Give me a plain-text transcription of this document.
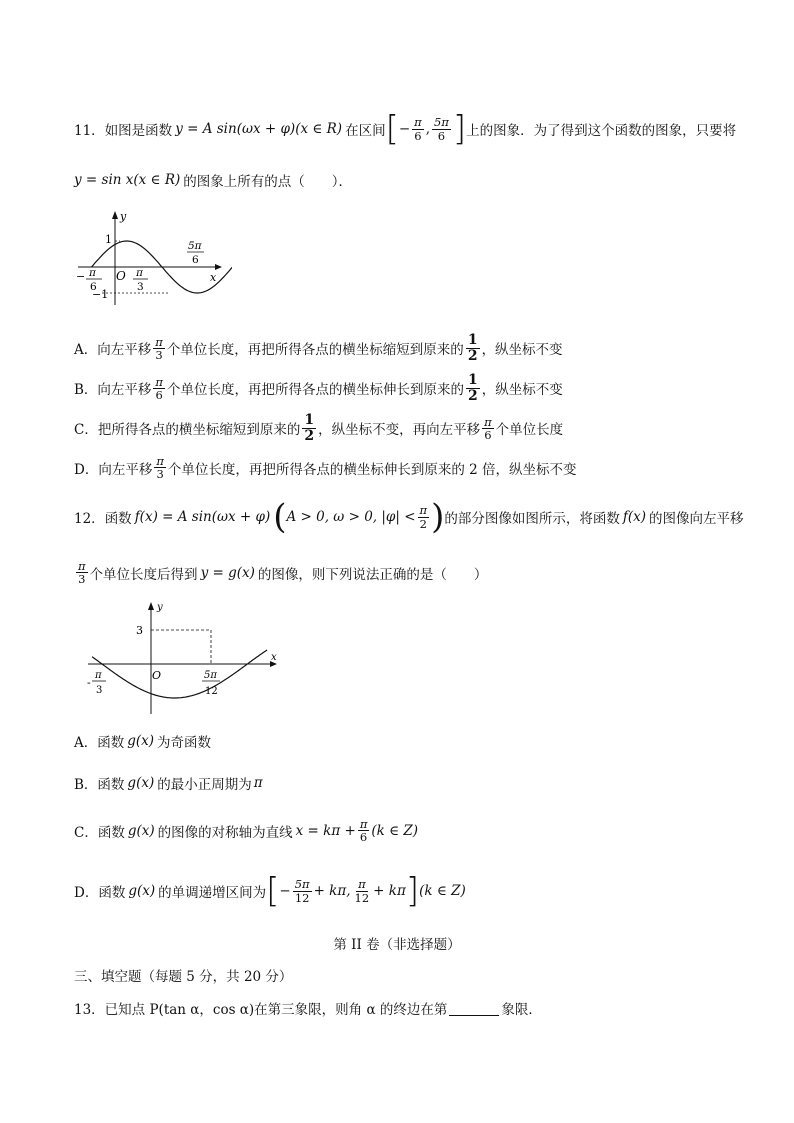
11． 如图是函数 y = A sin(ωx + φ)(x ∈ R) 在区间 [ − $\frac{\pi}{6}$ , $\frac{5\pi}{6}$ ] 上的图象．为了得到这个函数的图象，只要将
y = sin x(x ∈ R) 的图象上所有的点（　　）．
y
x
O
1
−1
− π
6
π
3
5π
6
A． 向左平移 $\frac{\pi}{3}$ 个单位长度，再把所得各点的横坐标缩短到原来的 $\frac{1}{2}$ ，纵坐标不变
B． 向左平移 $\frac{\pi}{6}$ 个单位长度，再把所得各点的横坐标伸长到原来的 $\frac{1}{2}$ ，纵坐标不变
C． 把所得各点的横坐标缩短到原来的 $\frac{1}{2}$ ，纵坐标不变，再向左平移 $\frac{\pi}{6}$ 个单位长度
D． 向左平移 $\frac{\pi}{3}$ 个单位长度，再把所得各点的横坐标伸长到原来的 2 倍，纵坐标不变
12． 函数 f(x) = A sin(ωx + φ) ( A > 0, ω > 0, $|\varphi| < \frac{\pi}{2}$ ) 的部分图像如图所示，将函数 f(x) 的图像向左平移
$\frac{\pi}{3}$ 个单位长度后得到 y = g(x) 的图像，则下列说法正确的是（　　）
y
x
O
3
-
π
3
5π
12
A． 函数 g(x) 为奇函数
B． 函数 g(x) 的最小正周期为 π
C． 函数 g(x) 的图像的对称轴为直线 $x = k\pi + \frac{\pi}{6} (k$ ∈ Z)
D． 函数 g(x) 的单调递增区间为 [ − $\frac{5\pi}{12} + k\pi$, $\frac{\pi}{12} + k\pi$ ] (k ∈ Z)
第 II 卷（非选择题）
三、填空题（每题 5 分，共 20 分）
13．已知点 P(tan α，cos α)在第三象限，则角 α 的终边在第	象限．
